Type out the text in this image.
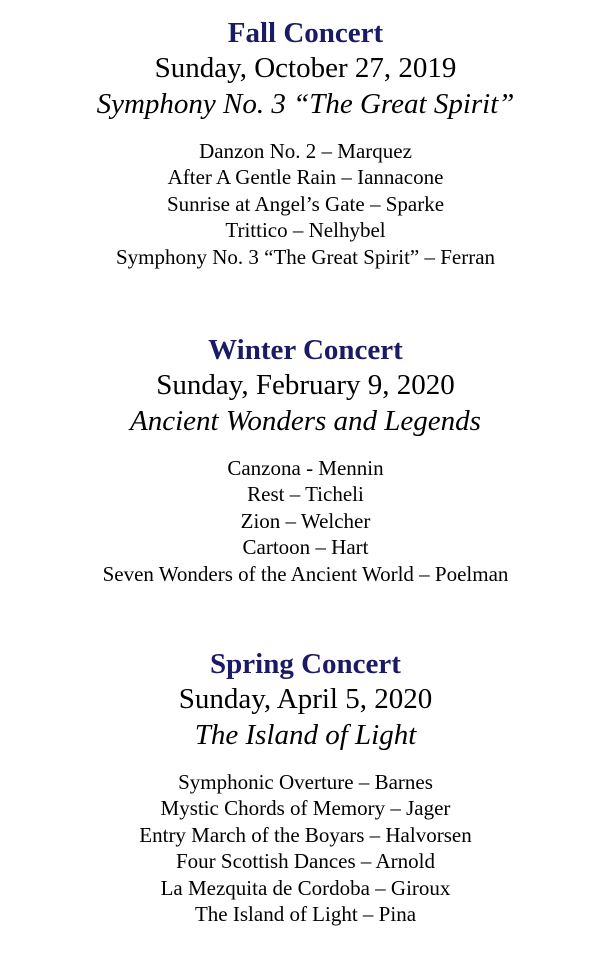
Fall Concert
Sunday, October 27, 2019
Symphony No. 3 “The Great Spirit”
Danzon No. 2 – Marquez
After A Gentle Rain – Iannacone
Sunrise at Angel’s Gate – Sparke
Trittico – Nelhybel
Symphony No. 3 “The Great Spirit” – Ferran
Winter Concert
Sunday, February 9, 2020
Ancient Wonders and Legends
Canzona - Mennin
Rest – Ticheli
Zion – Welcher
Cartoon – Hart
Seven Wonders of the Ancient World – Poelman
Spring Concert
Sunday, April 5, 2020
The Island of Light
Symphonic Overture – Barnes
Mystic Chords of Memory – Jager
Entry March of the Boyars – Halvorsen
Four Scottish Dances – Arnold
La Mezquita de Cordoba – Giroux
The Island of Light – Pina
